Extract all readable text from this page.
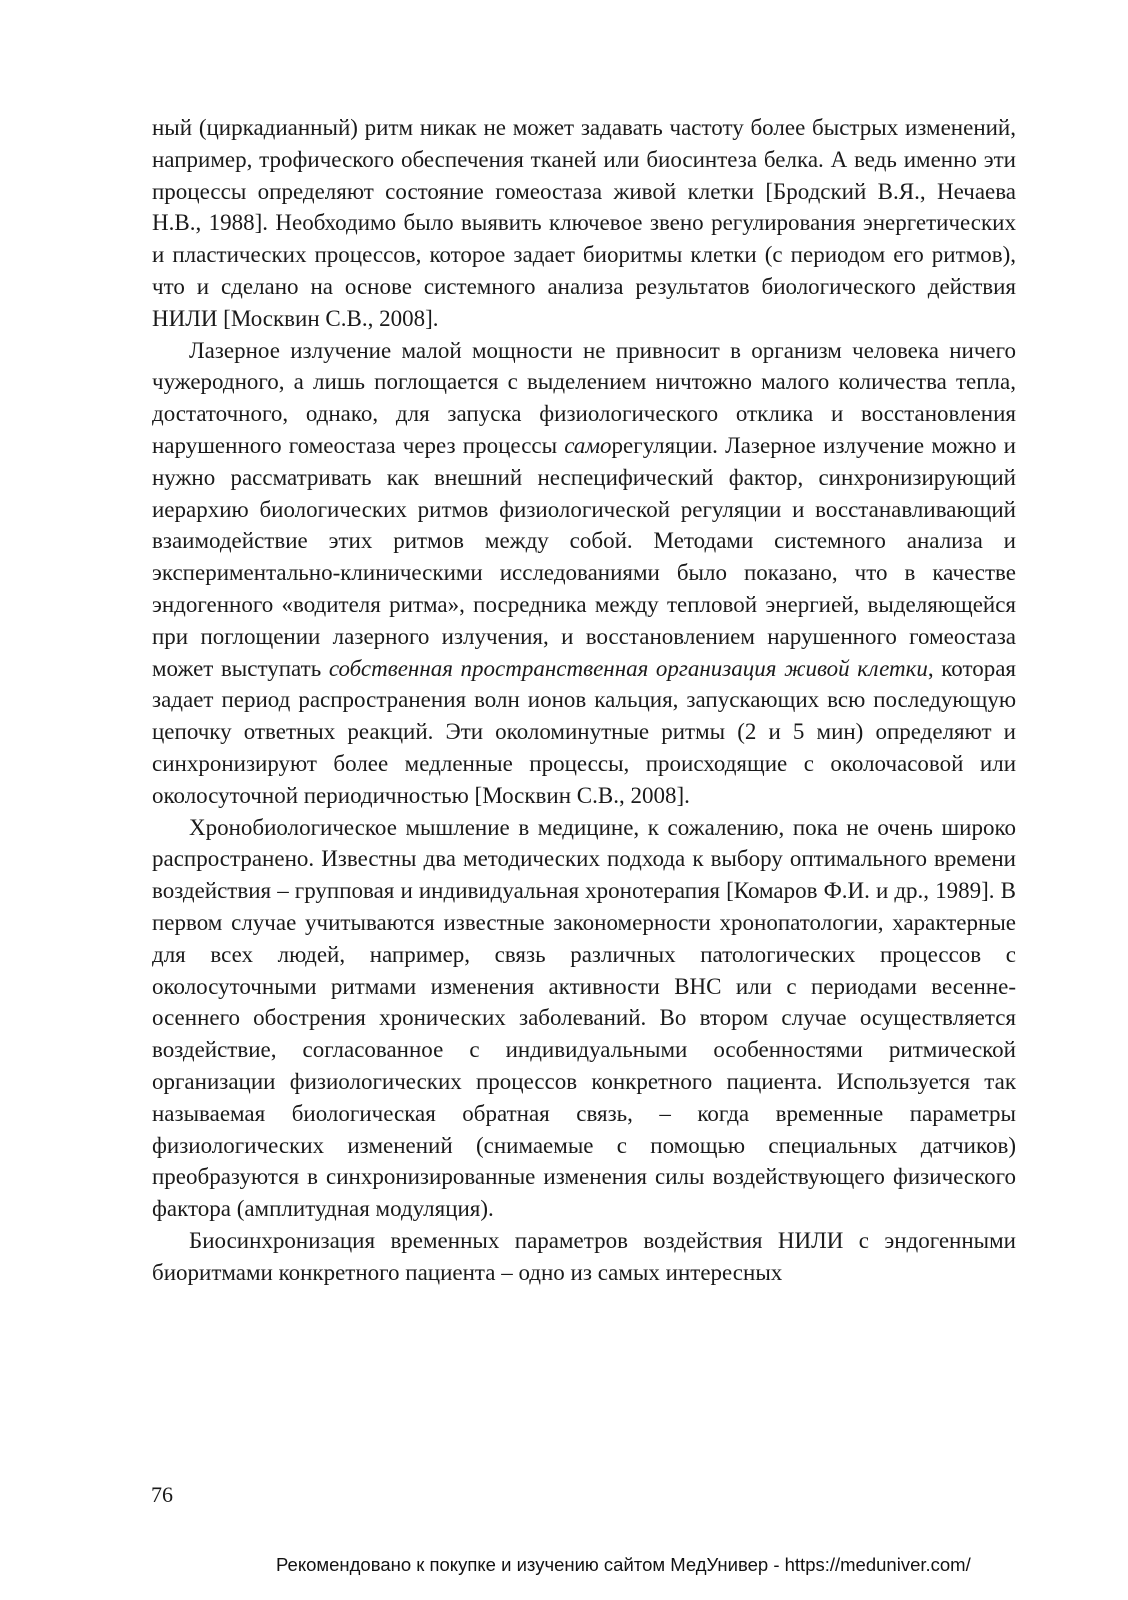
ный (циркадианный) ритм никак не может задавать частоту более быстрых изменений, например, трофического обеспечения тканей или биосинтеза белка. А ведь именно эти процессы определяют состояние гомеостаза живой клетки [Бродский В.Я., Нечаева Н.В., 1988]. Необходимо было выявить ключевое звено регулирования энергетических и пластических процессов, которое задает биоритмы клетки (с периодом его ритмов), что и сделано на основе системного анализа результатов биологического действия НИЛИ [Москвин С.В., 2008].

Лазерное излучение малой мощности не привносит в организм человека ничего чужеродного, а лишь поглощается с выделением ничтожно малого количества тепла, достаточного, однако, для запуска физиологического отклика и восстановления нарушенного гомеостаза через процессы саморегуляции. Лазерное излучение можно и нужно рассматривать как внешний неспецифический фактор, синхронизирующий иерархию биологических ритмов физиологической регуляции и восстанавливающий взаимодействие этих ритмов между собой. Методами системного анализа и экспериментально-клиническими исследованиями было показано, что в качестве эндогенного «водителя ритма», посредника между тепловой энергией, выделяющейся при поглощении лазерного излучения, и восстановлением нарушенного гомеостаза может выступать собственная пространственная организация живой клетки, которая задает период распространения волн ионов кальция, запускающих всю последующую цепочку ответных реакций. Эти околоминутные ритмы (2 и 5 мин) определяют и синхронизируют более медленные процессы, происходящие с околочасовой или околосуточной периодичностью [Москвин С.В., 2008].

Хронобиологическое мышление в медицине, к сожалению, пока не очень широко распространено. Известны два методических подхода к выбору оптимального времени воздействия – групповая и индивидуальная хронотерапия [Комаров Ф.И. и др., 1989]. В первом случае учитываются известные закономерности хронопатологии, характерные для всех людей, например, связь различных патологических процессов с околосуточными ритмами изменения активности ВНС или с периодами весенне-осеннего обострения хронических заболеваний. Во втором случае осуществляется воздействие, согласованное с индивидуальными особенностями ритмической организации физиологических процессов конкретного пациента. Используется так называемая биологическая обратная связь, – когда временные параметры физиологических изменений (снимаемые с помощью специальных датчиков) преобразуются в синхронизированные изменения силы воздействующего физического фактора (амплитудная модуляция).

Биосинхронизация временных параметров воздействия НИЛИ с эндогенными биоритмами конкретного пациента – одно из самых интересных

76
Рекомендовано к покупке и изучению сайтом МедУнивер - https://meduniver.com/
